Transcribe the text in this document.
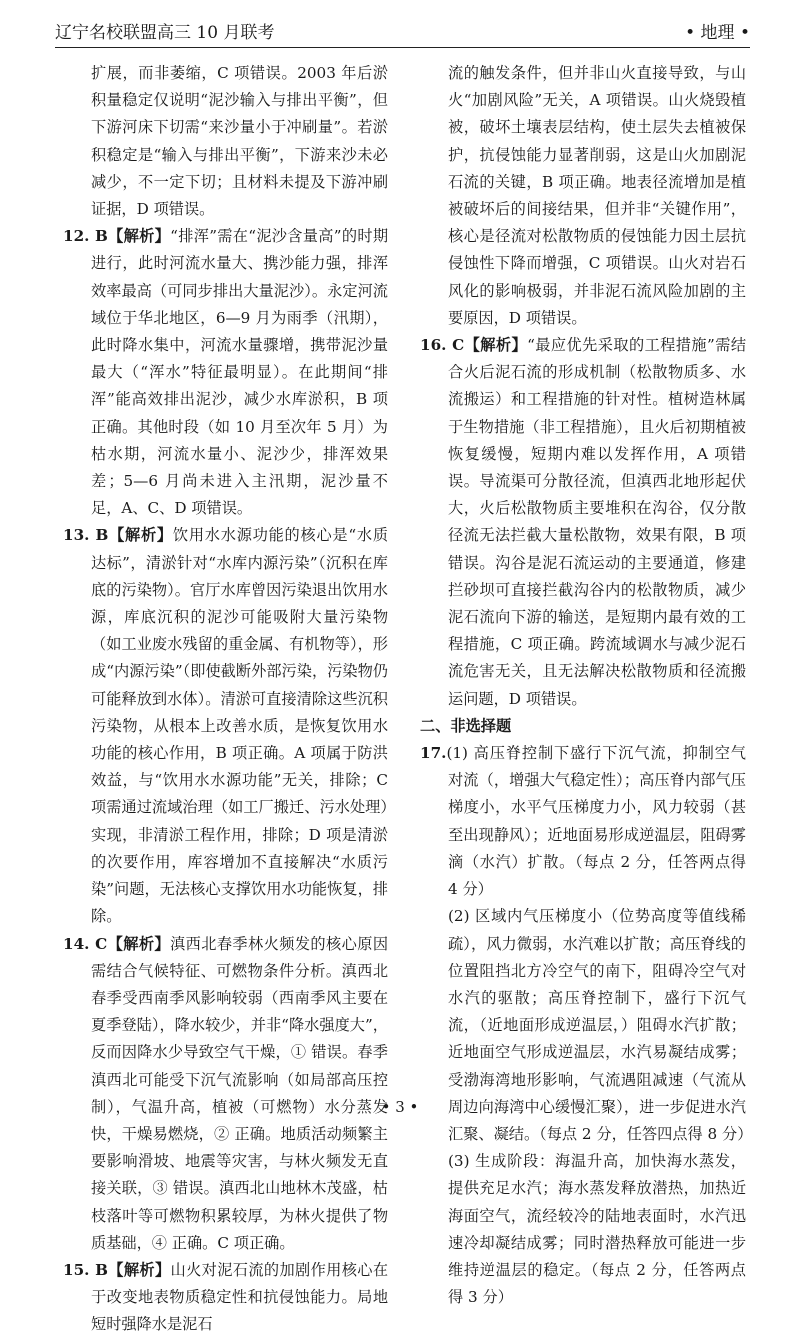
辽宁名校联盟高三 10 月联考	• 地理 •

扩展，而非萎缩，C 项错误。2003 年后淤积量稳定仅说明“泥沙输入与排出平衡”，但下游河床下切需“来沙量小于冲刷量”。若淤积稳定是“输入与排出平衡”，下游来沙未必减少，不一定下切；且材料未提及下游冲刷证据，D 项错误。

12. B【解析】“排浑”需在“泥沙含量高”的时期进行，此时河流水量大、携沙能力强，排浑效率最高（可同步排出大量泥沙）。永定河流域位于华北地区，6—9 月为雨季（汛期），此时降水集中，河流水量骤增，携带泥沙量最大（“浑水”特征最明显）。在此期间“排浑”能高效排出泥沙，减少水库淤积，B 项正确。其他时段（如 10 月至次年 5 月）为枯水期，河流水量小、泥沙少，排浑效果差；5—6 月尚未进入主汛期，泥沙量不足，A、C、D 项错误。

13. B【解析】饮用水水源功能的核心是“水质达标”，清淤针对“水库内源污染”（沉积在库底的污染物）。官厅水库曾因污染退出饮用水源，库底沉积的泥沙可能吸附大量污染物（如工业废水残留的重金属、有机物等），形成“内源污染”（即使截断外部污染，污染物仍可能释放到水体）。清淤可直接清除这些沉积污染物，从根本上改善水质，是恢复饮用水功能的核心作用，B 项正确。A 项属于防洪效益，与“饮用水水源功能”无关，排除；C 项需通过流域治理（如工厂搬迁、污水处理）实现，非清淤工程作用，排除；D 项是清淤的次要作用，库容增加不直接解决“水质污染”问题，无法核心支撑饮用水功能恢复，排除。

14. C【解析】滇西北春季林火频发的核心原因需结合气候特征、可燃物条件分析。滇西北春季受西南季风影响较弱（西南季风主要在夏季登陆），降水较少，并非“降水强度大”，反而因降水少导致空气干燥，① 错误。春季滇西北可能受下沉气流影响（如局部高压控制），气温升高，植被（可燃物）水分蒸发快，干燥易燃烧，② 正确。地质活动频繁主要影响滑坡、地震等灾害，与林火频发无直接关联，③ 错误。滇西北山地林木茂盛，枯枝落叶等可燃物积累较厚，为林火提供了物质基础，④ 正确。C 项正确。

15. B【解析】山火对泥石流的加剧作用核心在于改变地表物质稳定性和抗侵蚀能力。局地短时强降水是泥石

流的触发条件，但并非山火直接导致，与山火“加剧风险”无关，A 项错误。山火烧毁植被，破坏土壤表层结构，使土层失去植被保护，抗侵蚀能力显著削弱，这是山火加剧泥石流的关键，B 项正确。地表径流增加是植被破坏后的间接结果，但并非“关键作用”，核心是径流对松散物质的侵蚀能力因土层抗侵蚀性下降而增强，C 项错误。山火对岩石风化的影响极弱，并非泥石流风险加剧的主要原因，D 项错误。

16. C【解析】“最应优先采取的工程措施”需结合火后泥石流的形成机制（松散物质多、水流搬运）和工程措施的针对性。植树造林属于生物措施（非工程措施），且火后初期植被恢复缓慢，短期内难以发挥作用，A 项错误。导流渠可分散径流，但滇西北地形起伏大，火后松散物质主要堆积在沟谷，仅分散径流无法拦截大量松散物，效果有限，B 项错误。沟谷是泥石流运动的主要通道，修建拦砂坝可直接拦截沟谷内的松散物质，减少泥石流向下游的输送，是短期内最有效的工程措施，C 项正确。跨流域调水与减少泥石流危害无关，且无法解决松散物质和径流搬运问题，D 项错误。

二、非选择题

17.(1) 高压脊控制下盛行下沉气流，抑制空气对流（，增强大气稳定性）；高压脊内部气压梯度小，水平气压梯度力小，风力较弱（甚至出现静风）；近地面易形成逆温层，阻碍雾滴（水汽）扩散。（每点 2 分，任答两点得 4 分）

(2) 区域内气压梯度小（位势高度等值线稀疏），风力微弱，水汽难以扩散；高压脊线的位置阻挡北方冷空气的南下，阻碍冷空气对水汽的驱散；高压脊控制下，盛行下沉气流，（近地面形成逆温层，）阻碍水汽扩散；近地面空气形成逆温层，水汽易凝结成雾；受渤海湾地形影响，气流遇阻减速（气流从周边向海湾中心缓慢汇聚），进一步促进水汽汇聚、凝结。（每点 2 分，任答四点得 8 分）

(3) 生成阶段：海温升高，加快海水蒸发，提供充足水汽；海水蒸发释放潜热，加热近海面空气，流经较冷的陆地表面时，水汽迅速冷却凝结成雾；同时潜热释放可能进一步维持逆温层的稳定。（每点 2 分，任答两点得 3 分）

• 3 •
